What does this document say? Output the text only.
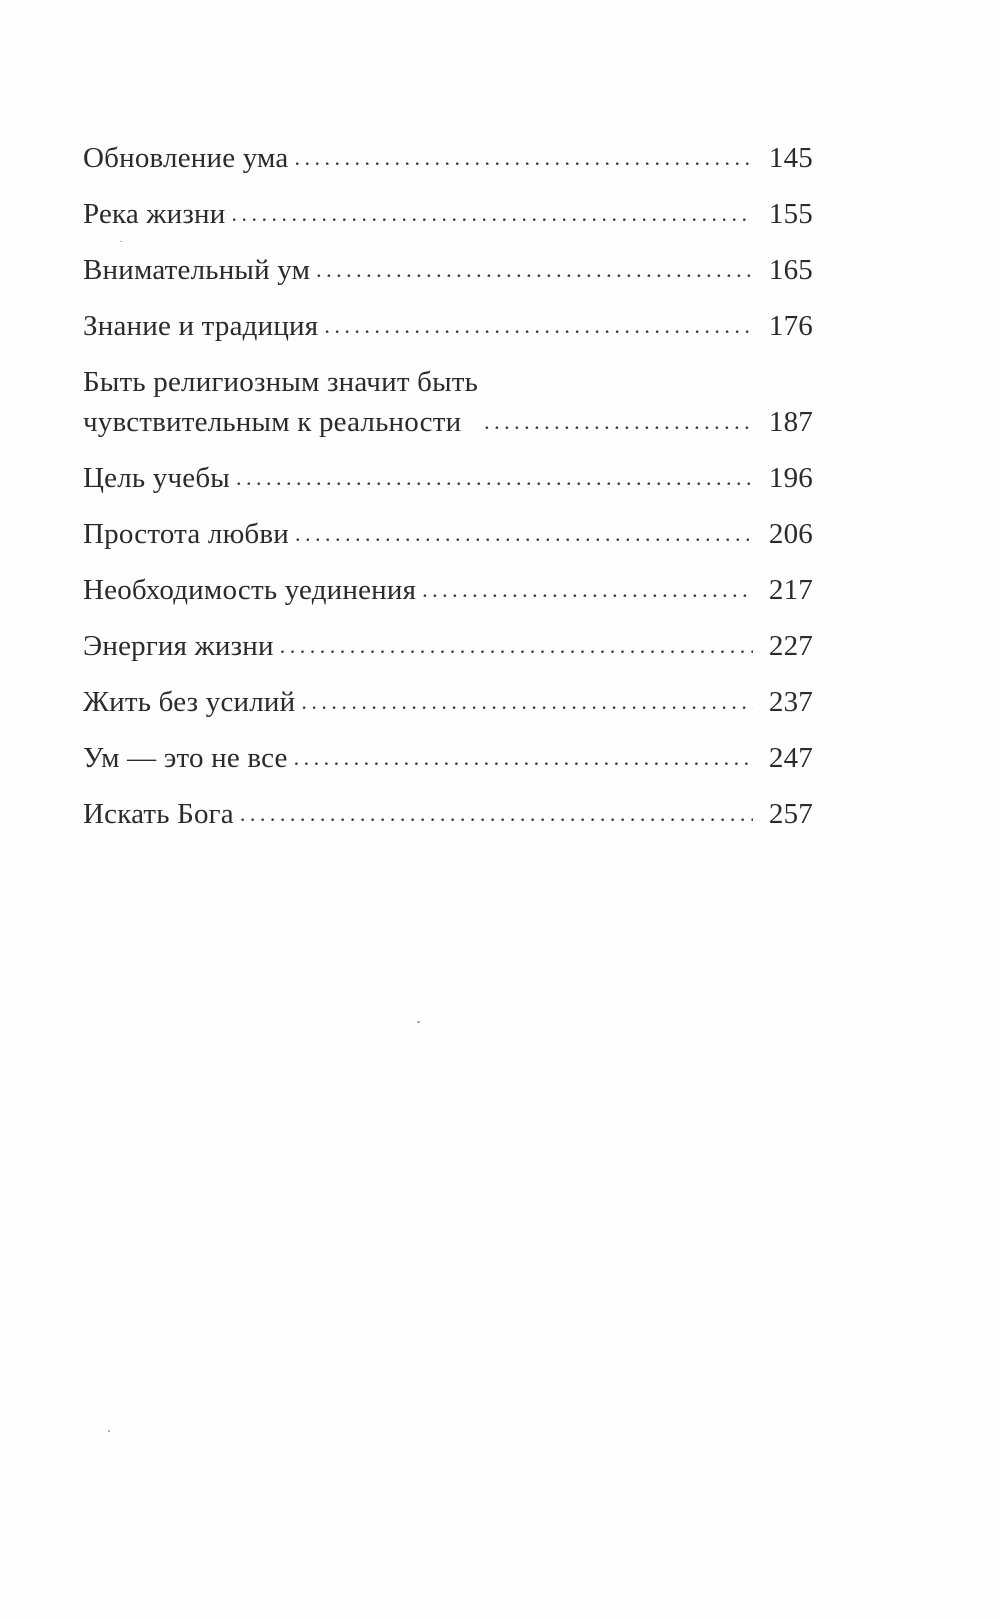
Обновление ума . . .	145
Река жизни . . .	155
Внимательный ум . . .	165
Знание и традиция . . .	176
Быть религиозным значит быть
чувствительным к реальности . . .	187
Цель учебы . . .	196
Простота любви . . .	206
Необходимость уединения . . .	217
Энергия жизни . . .	227
Жить без усилий . . .	237
Ум — это не все . . .	247
Искать Бога . . .	257
